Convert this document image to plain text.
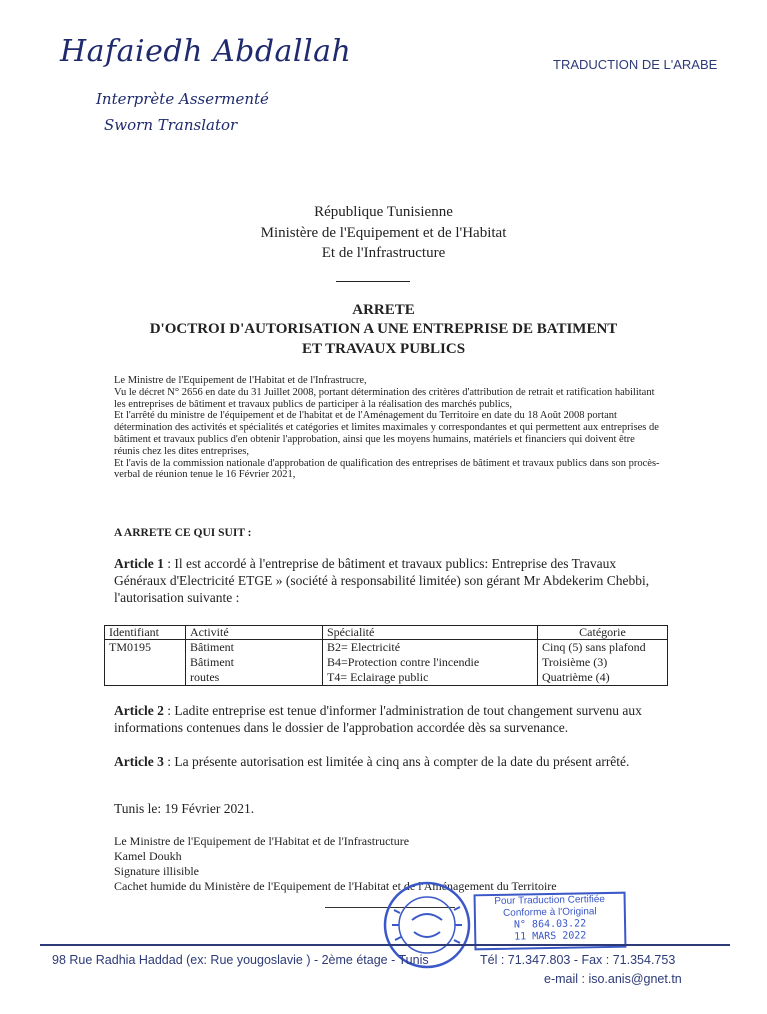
Hafaiedh Abdallah
Interprète Assermenté
Sworn Translator
TRADUCTION DE L'ARABE
République Tunisienne
Ministère de l'Equipement et de l'Habitat
Et de l'Infrastructure
ARRETE
D'OCTROI D'AUTORISATION A UNE ENTREPRISE DE BATIMENT
ET TRAVAUX PUBLICS
Le Ministre de l'Equipement de l'Habitat et de l'Infrastrucre,
Vu le décret N° 2656 en date du 31 Juillet 2008, portant détermination des critères d'attribution de retrait et ratification habilitant les entreprises de bâtiment et travaux publics de participer à la réalisation des marchés publics,
Et l'arrêté du ministre de l'équipement et de l'habitat et de l'Aménagement du Territoire en date du 18 Août 2008 portant détermination des activités et spécialités et catégories et limites maximales y correspondantes et qui permettent aux entreprises de bâtiment et travaux publics d'en obtenir l'approbation, ainsi que les moyens humains, matériels et financiers qui doivent être réunis chez les dites entreprises,
Et l'avis de la commission nationale d'approbation de qualification des entreprises de bâtiment et travaux publics dans son procès-verbal de réunion tenue le 16 Février 2021,
A ARRETE CE QUI SUIT :
Article 1 : Il est accordé à l'entreprise de bâtiment et travaux publics: Entreprise des Travaux Généraux d'Electricité ETGE » (société à responsabilité limitée) son gérant Mr Abdekerim Chebbi, l'autorisation suivante :
Identifiant	Activité	Spécialité	Catégorie
TM0195	Bâtiment	B2= Electricité	Cinq (5) sans plafond
	Bâtiment	B4=Protection contre l'incendie	Troisième (3)
	routes	T4= Eclairage public	Quatrième (4)
Article 2 : Ladite entreprise est tenue d'informer l'administration de tout changement survenu aux informations contenues dans le dossier de l'approbation accordée dès sa survenance.
Article 3 : La présente autorisation est limitée à cinq ans à compter de la date du présent arrêté.
Tunis le: 19 Février 2021.
Le Ministre de l'Equipement de l'Habitat et de l'Infrastructure
Kamel Doukh
Signature illisible
Cachet humide du Ministère de l'Equipement de l'Habitat et de l'Aménagement du Territoire
Pour Traduction Certifiée
Conforme à l'Original
N° 864.03.22
11 MARS 2022
98 Rue Radhia Haddad (ex: Rue yougoslavie ) - 2ème étage - Tunis	Tél : 71.347.803 - Fax : 71.354.753
e-mail : iso.anis@gnet.tn
